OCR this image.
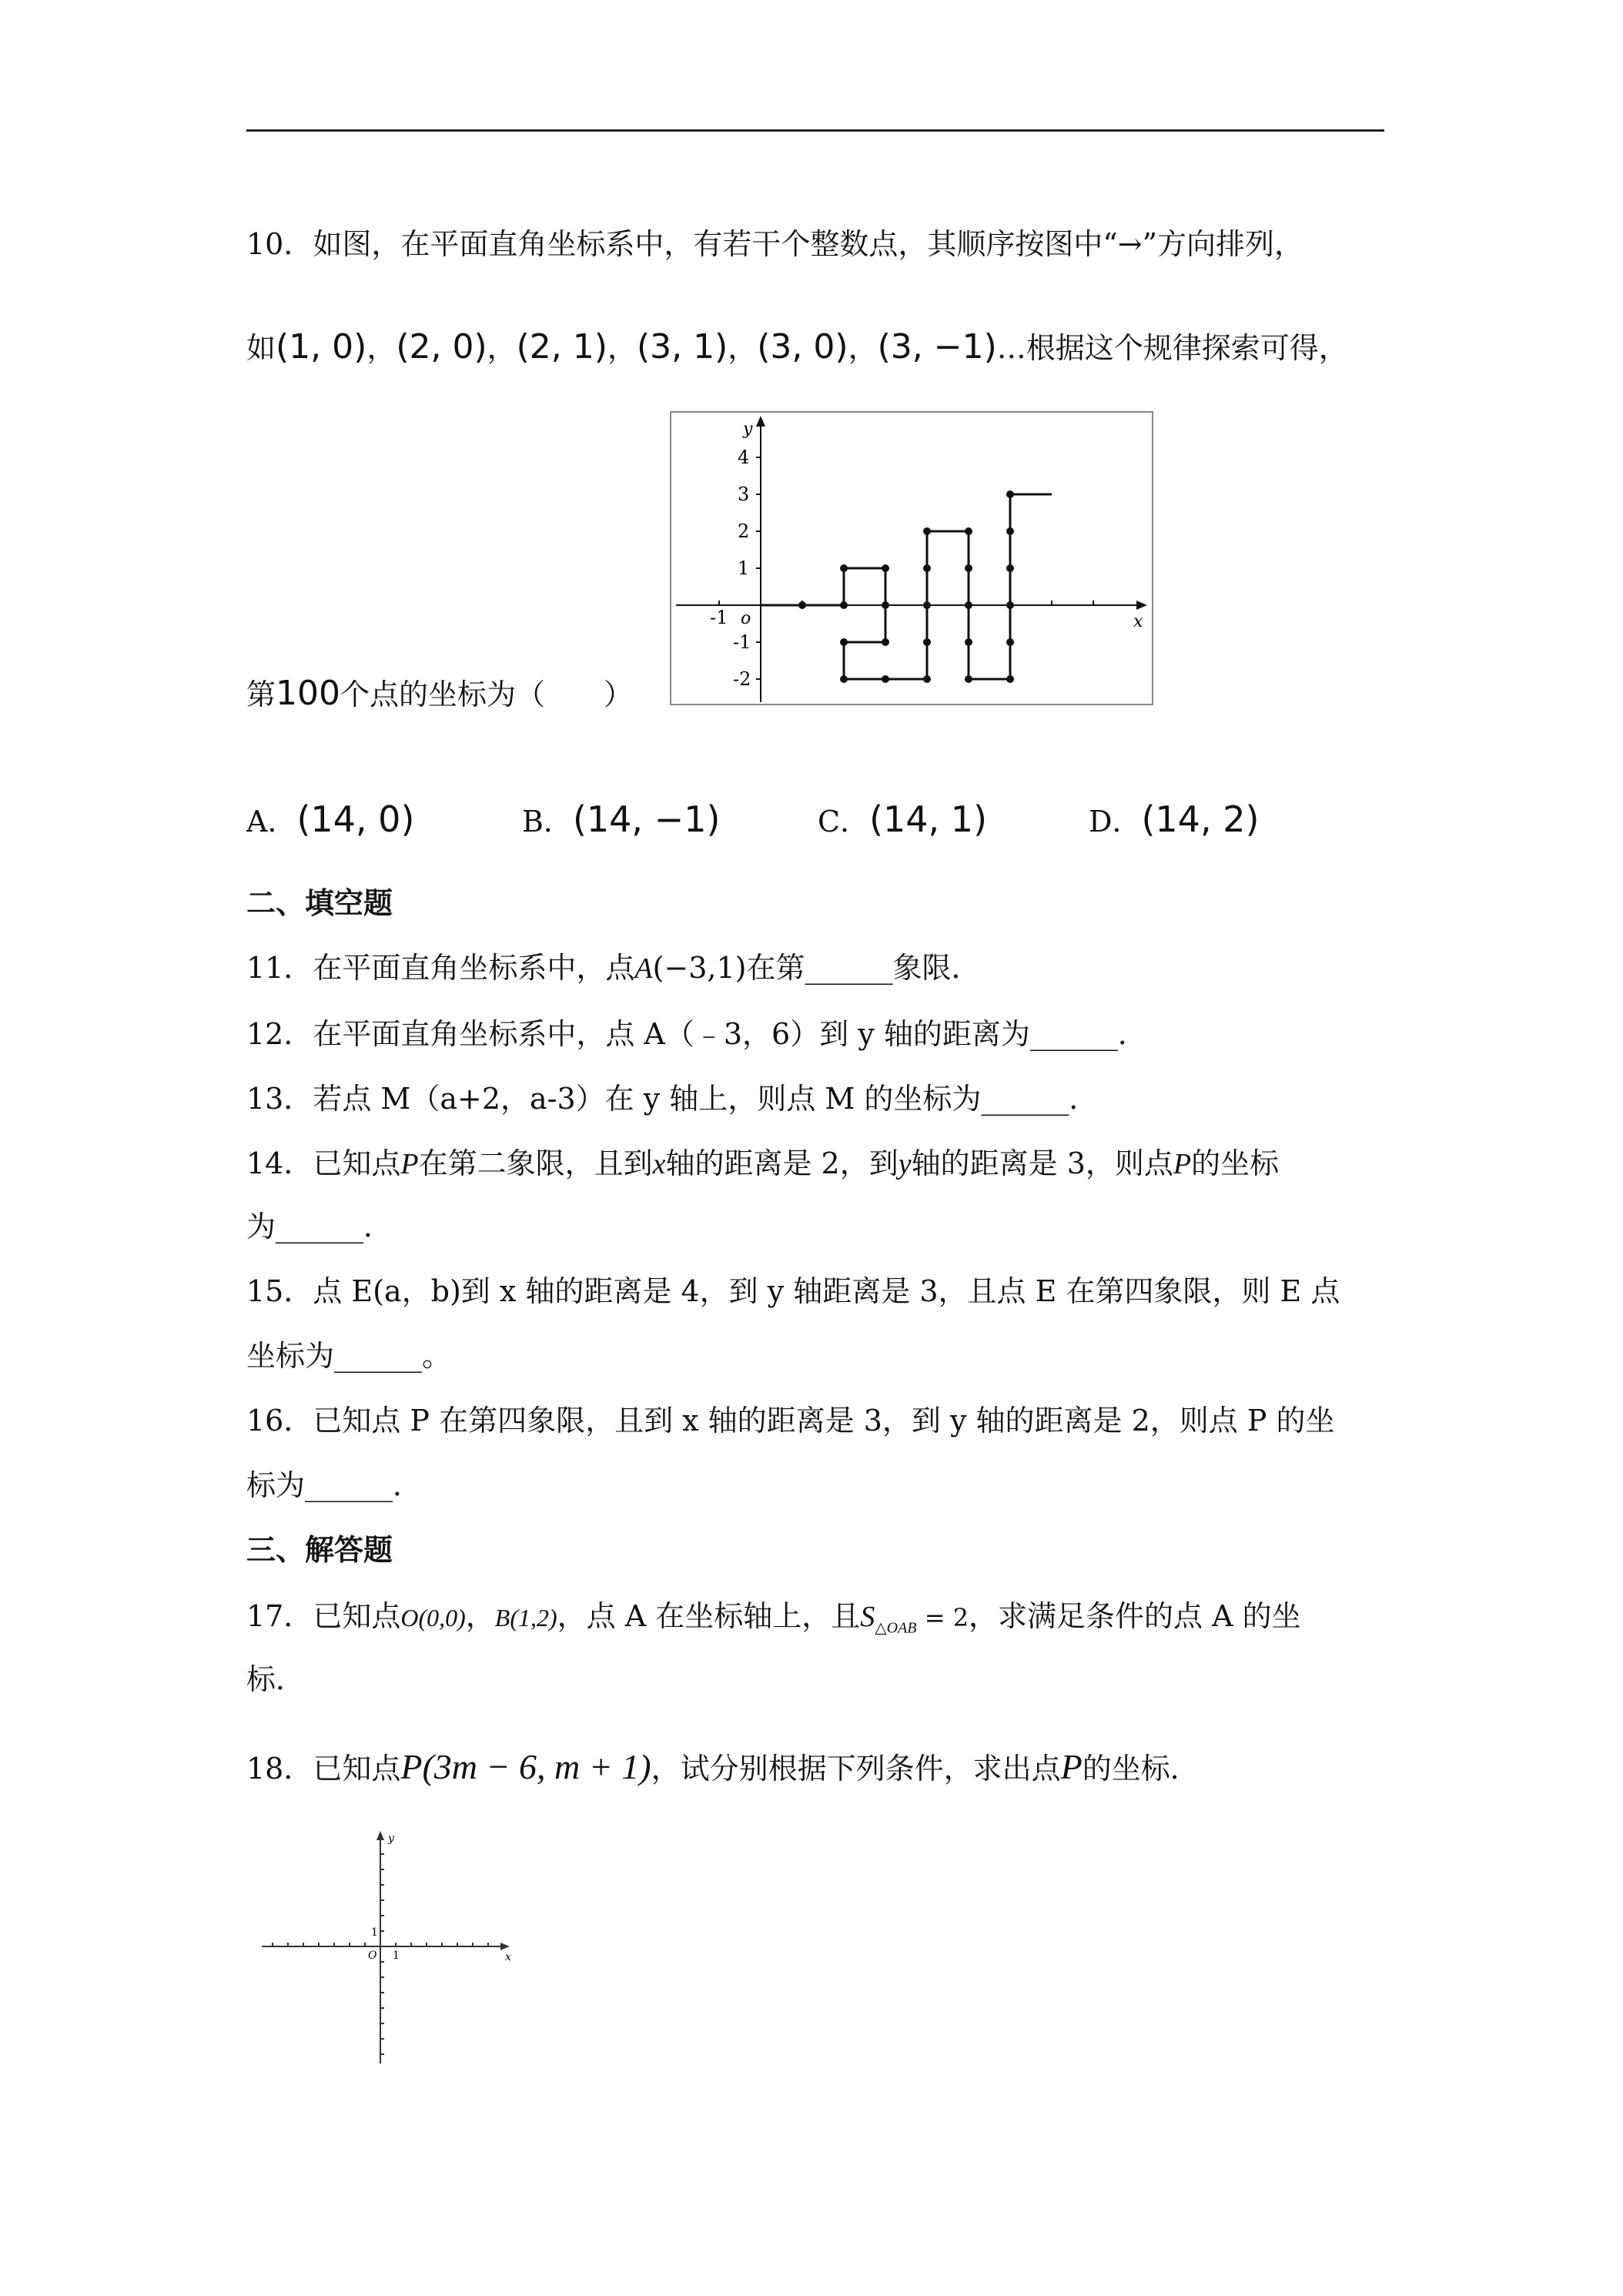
10．如图，在平面直角坐标系中，有若干个整数点，其顺序按图中“→”方向排列，
如(1, 0)，(2, 0)，(2, 1)，(3, 1)，(3, 0)，(3, −1)…根据这个规律探索可得，
y
x
o
4
3
2
1
-1
-2
-1
第100个点的坐标为（　　）
A．(14, 0)	B．(14, −1)	C．(14, 1)	D．(14, 2)
二、填空题
11．在平面直角坐标系中，点A(−3,1)在第______象限．
12．在平面直角坐标系中，点 A（﹣3，6）到 y 轴的距离为______．
13．若点 M（a+2，a-3）在 y 轴上，则点 M 的坐标为______．
14．已知点P在第二象限，且到x轴的距离是 2，到y轴的距离是 3，则点P的坐标
为______．
15．点 E(a，b)到 x 轴的距离是 4，到 y 轴距离是 3，且点 E 在第四象限，则 E 点
坐标为______。
16．已知点 P 在第四象限，且到 x 轴的距离是 3，到 y 轴的距离是 2，则点 P 的坐
标为______．
三、解答题
17．已知点O(0,0)，B(1,2)，点 A 在坐标轴上，且$S_{\triangle OAB} = 2$，求满足条件的点 A 的坐
标．
18．已知点P(3m − 6, m + 1)，试分别根据下列条件，求出点P的坐标．
y
x
O 1
1
